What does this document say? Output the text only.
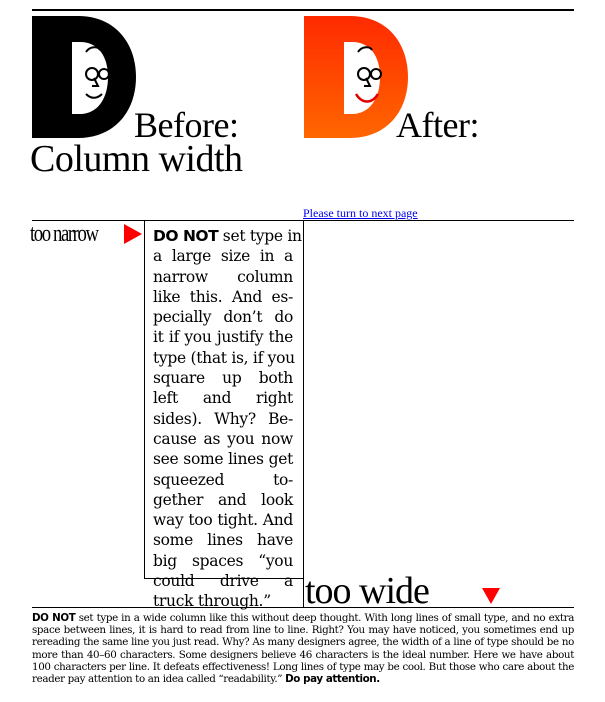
Before:
Column width
After:
Please turn to next page
too narrow	DO NOT set type in
a large size in a
narrow column
like this. And es-
pecially don’t do
it if you justify the
type (that is, if you
square up both
left and right
sides). Why? Be-
cause as you now
see some lines get
squeezed to-
gether and look
way too tight. And
some lines have
big spaces “you
could drive a
truck through.” too wide
DO NOT set type in a wide column like this without deep thought. With long lines of small type, and no extra space between lines, it is hard to read from line to line. Right? You may have noticed, you sometimes end up rereading the same line you just read. Why? As many designers agree, the width of a line of type should be no more than 40–60 characters. Some designers believe 46 characters is the ideal number. Here we have about 100 characters per line. It defeats effectiveness! Long lines of type may be cool. But those who care about the reader pay attention to an idea called “readability.” Do pay attention.
